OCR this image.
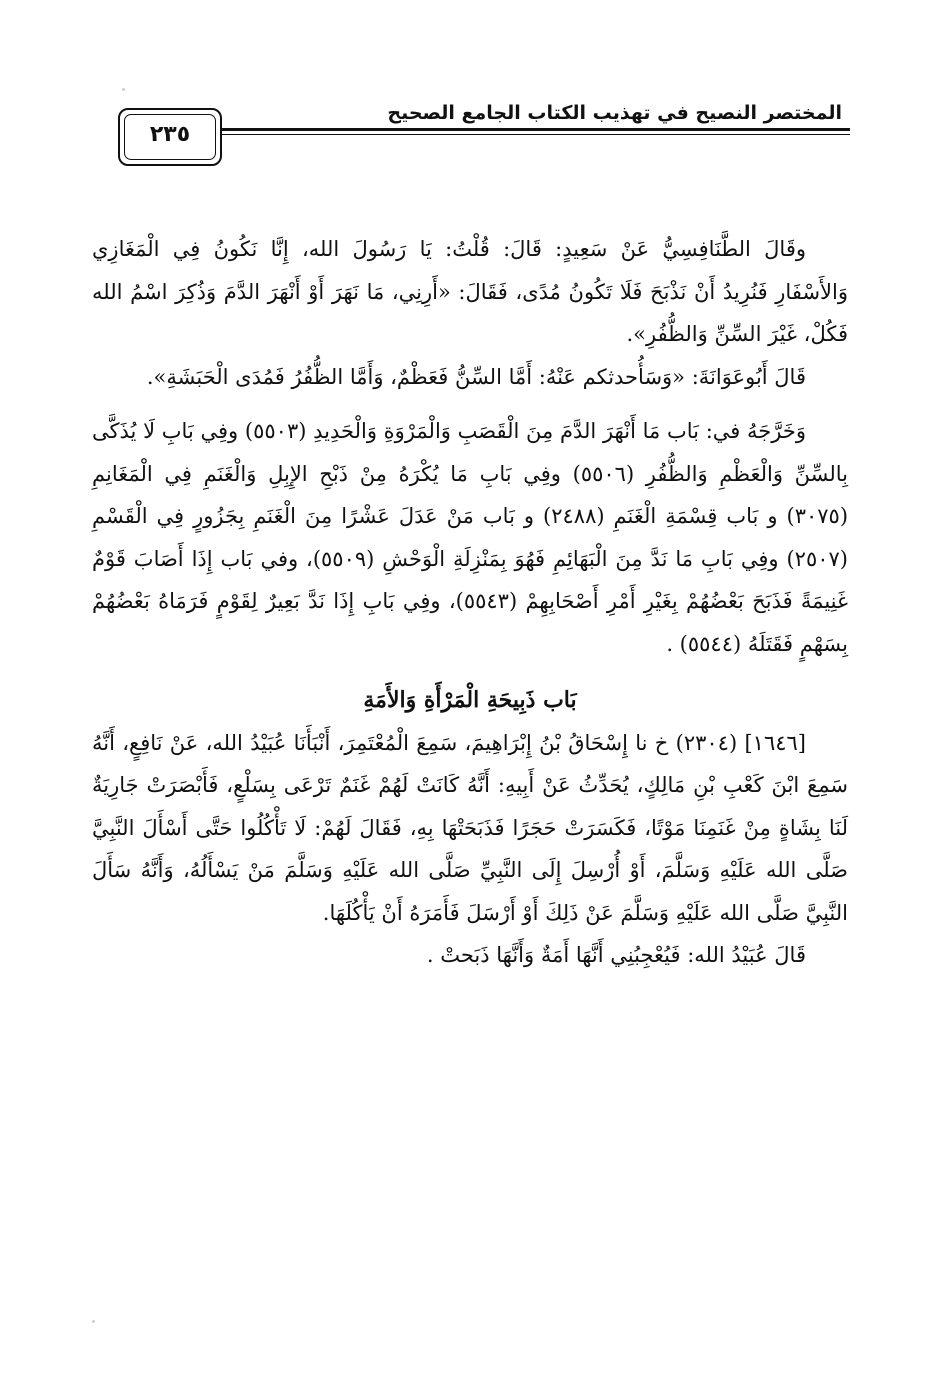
المختصر النصيح في تهذيب الكتاب الجامع الصحيح
٢٣٥

وقَالَ الطَّنَافِسِيُّ عَنْ سَعِيدٍ: قَالَ: قُلْتُ: يَا رَسُولَ الله، إِنَّا نَكُونُ فِي الْمَغَازِي وَالأَسْفَارِ فَنُرِيدُ أَنْ نَذْبَحَ فَلَا تَكُونُ مُدًى، فَقَالَ: «أَرِنِي، مَا نَهَرَ أَوْ أَنْهَرَ الدَّمَ وَذُكِرَ اسْمُ الله فَكُلْ، غَيْرَ السِّنِّ وَالظُّفُرِ».

قَالَ أَبُوعَوَانَةَ: «وَسَأُحدثكم عَنْهُ: أَمَّا السِّنُّ فَعَظْمٌ، وَأَمَّا الظُّفُرُ فَمُدَى الْحَبَشَةِ».

وَخَرَّجَهُ في: بَاب مَا أَنْهَرَ الدَّمَ مِنَ الْقَصَبِ وَالْمَرْوَةِ وَالْحَدِيدِ (٥٥٠٣) وفِي بَابِ لَا يُذَكَّى بِالسِّنِّ وَالْعَظْمِ وَالظُّفُرِ (٥٥٠٦) وفِي بَابِ مَا يُكْرَهُ مِنْ ذَبْحِ الإِبِلِ وَالْغَنَمِ فِي الْمَغَانِمِ (٣٠٧٥) و بَاب قِسْمَةِ الْغَنَمِ (٢٤٨٨) و بَاب مَنْ عَدَلَ عَشْرًا مِنَ الْغَنَمِ بِجَزُورٍ فِي الْقَسْمِ (٢٥٠٧) وفِي بَابِ مَا نَدَّ مِنَ الْبَهَائِمِ فَهُوَ بِمَنْزِلَةِ الْوَحْشِ (٥٥٠٩)، وفي بَاب إِذَا أَصَابَ قَوْمٌ غَنِيمَةً فَذَبَحَ بَعْضُهُمْ بِغَيْرِ أَمْرِ أَصْحَابِهِمْ (٥٥٤٣)، وفِي بَابِ إِذَا نَدَّ بَعِيرٌ لِقَوْمٍ فَرَمَاهُ بَعْضُهُمْ بِسَهْمٍ فَقَتَلَهُ (٥٥٤٤) .

بَاب ذَبِيحَةِ الْمَرْأَةِ وَالأَمَةِ

[١٦٤٦] (٢٣٠٤) خ نا إِسْحَاقُ بْنُ إِبْرَاهِيمَ، سَمِعَ الْمُعْتَمِرَ، أَنْبَأَنَا عُبَيْدُ الله، عَنْ نَافِعٍ، أَنَّهُ سَمِعَ ابْنَ كَعْبِ بْنِ مَالِكٍ، يُحَدِّثُ عَنْ أَبِيهِ: أَنَّهُ كَانَتْ لَهُمْ غَنَمٌ تَرْعَى بِسَلْعٍ، فَأَبْصَرَتْ جَارِيَةٌ لَنَا بِشَاةٍ مِنْ غَنَمِنَا مَوْتًا، فَكَسَرَتْ حَجَرًا فَذَبَحَتْهَا بِهِ، فَقَالَ لَهُمْ: لَا تَأْكُلُوا حَتَّى أَسْأَلَ النَّبِيَّ صَلَّى الله عَلَيْهِ وَسَلَّمَ، أَوْ أُرْسِلَ إِلَى النَّبِيِّ صَلَّى الله عَلَيْهِ وَسَلَّمَ مَنْ يَسْأَلُهُ، وَأَنَّهُ سَأَلَ النَّبِيَّ صَلَّى الله عَلَيْهِ وَسَلَّمَ عَنْ ذَلِكَ أَوْ أَرْسَلَ فَأَمَرَهُ أَنْ يَأْكُلَهَا.

قَالَ عُبَيْدُ الله: فَيُعْجِبُنِي أَنَّهَا أَمَةٌ وَأَنَّهَا ذَبَحتْ .
